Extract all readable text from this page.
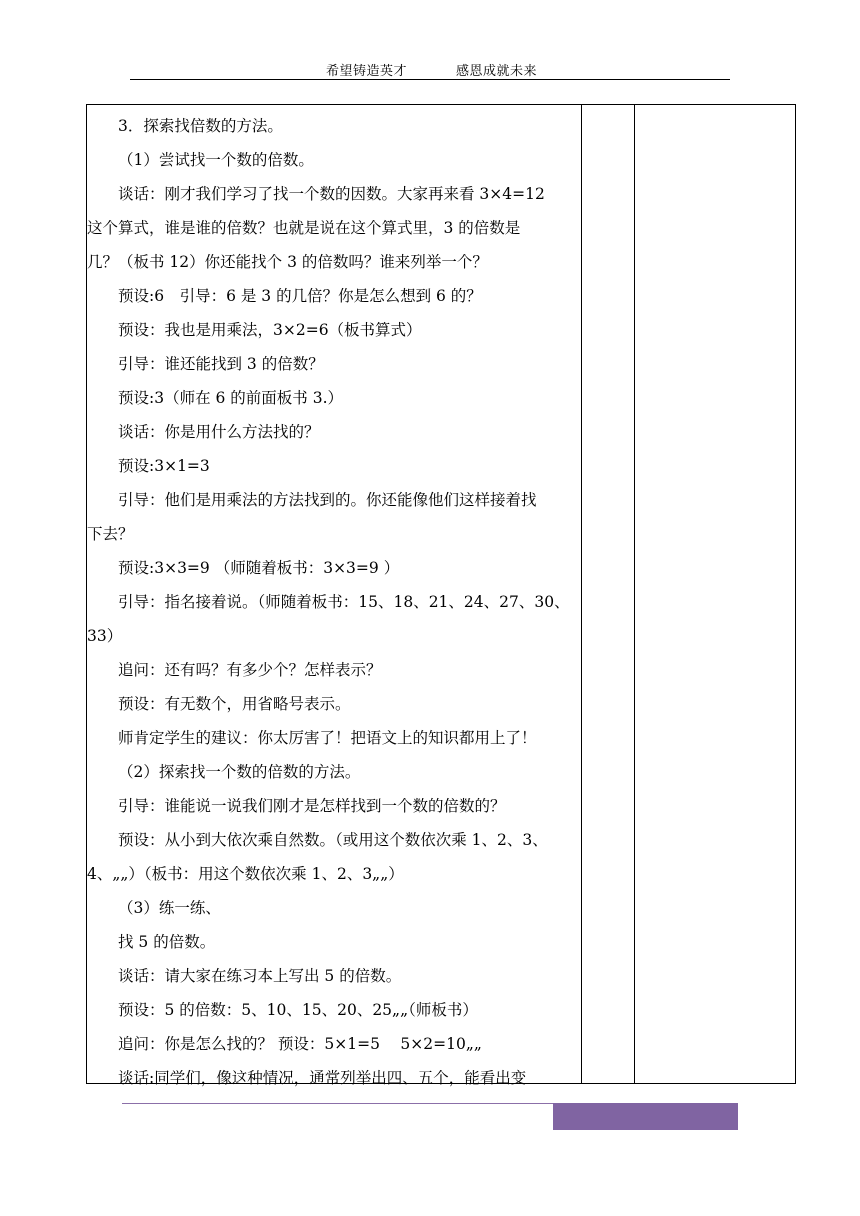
希望铸造英才	感恩成就未来
3．探索找倍数的方法。
（1）尝试找一个数的倍数。
谈话：刚才我们学习了找一个数的因数。大家再来看 3×4=12
这个算式，谁是谁的倍数？也就是说在这个算式里，3 的倍数是
几？（板书 12）你还能找个 3 的倍数吗？谁来列举一个？
预设:6　引导：6 是 3 的几倍？你是怎么想到 6 的？
预设：我也是用乘法，3×2=6（板书算式）
引导：谁还能找到 3 的倍数？
预设:3（师在 6 的前面板书 3.）
谈话：你是用什么方法找的？
预设:3×1=3
引导：他们是用乘法的方法找到的。你还能像他们这样接着找
下去？
预设:3×3=9 （师随着板书：3×3=9 ）
引导：指名接着说。（师随着板书：15、18、21、24、27、30、
33）
追问：还有吗？有多少个？怎样表示？
预设：有无数个，用省略号表示。
师肯定学生的建议：你太厉害了！把语文上的知识都用上了！
（2）探索找一个数的倍数的方法。
引导：谁能说一说我们刚才是怎样找到一个数的倍数的？
预设：从小到大依次乘自然数。（或用这个数依次乘 1、2、3、
4、„„）（板书：用这个数依次乘 1、2、3„„）
（3）练一练、
找 5 的倍数。
谈话：请大家在练习本上写出 5 的倍数。
预设：5 的倍数：5、10、15、20、25„„（师板书）
追问：你是怎么找的？ 预设：5×1=5　 5×2=10„„
谈话:同学们，像这种情况，通常列举出四、五个，能看出变
